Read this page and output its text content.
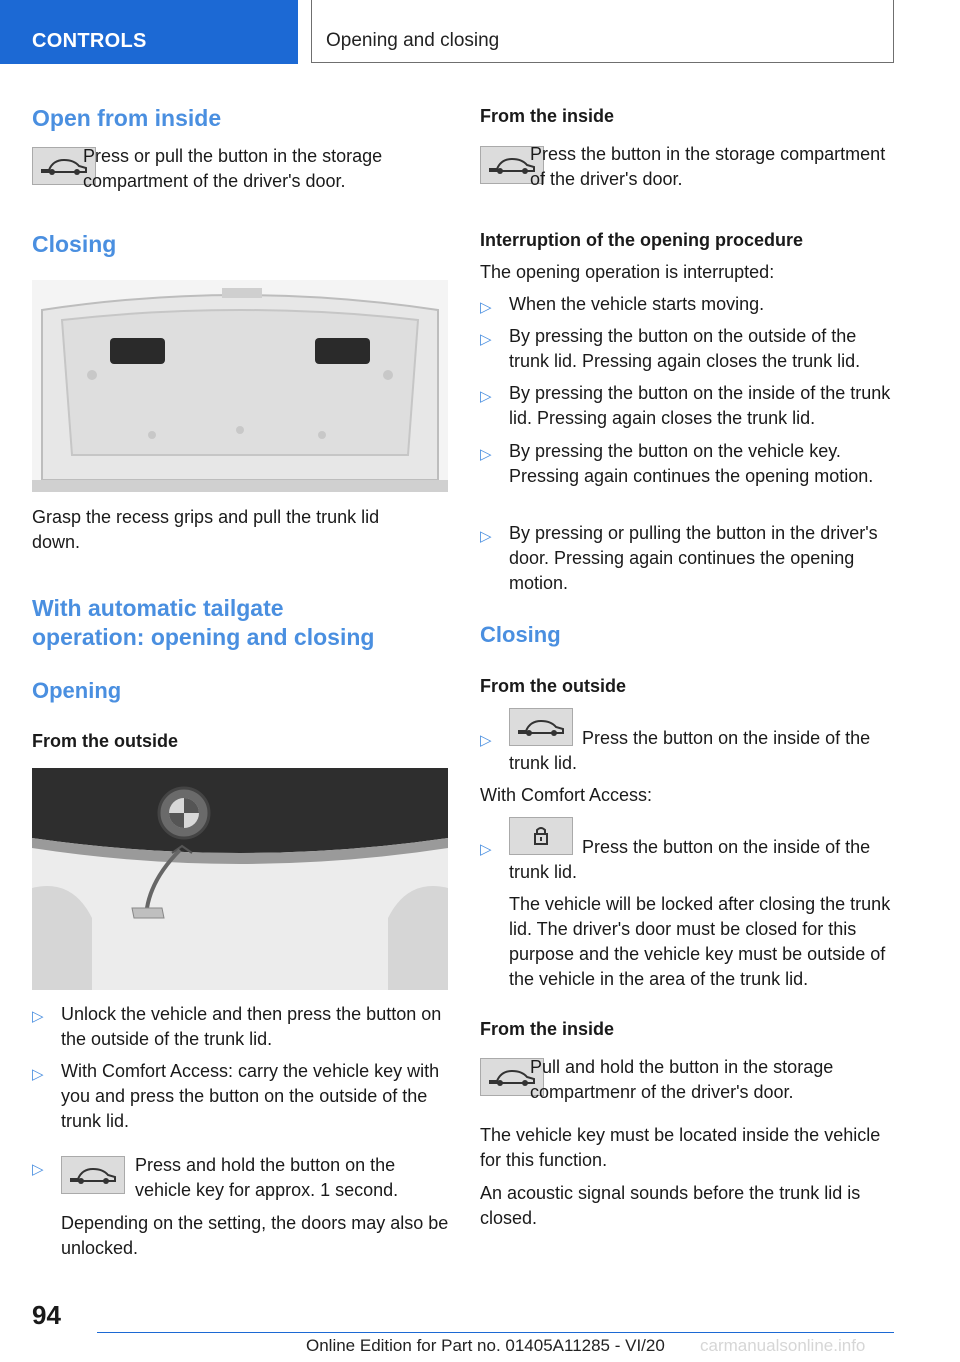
CONTROLS	Opening and closing
Open from inside

Press or pull the button in the storage compartment of the driver's door.

Closing

Grasp the recess grips and pull the trunk lid down.

With automatic tailgate
operation: opening and closing
Opening
From the outside
▷ Unlock the vehicle and then press the button on the outside of the trunk lid.

▷ With Comfort Access: carry the vehicle key with you and press the button on the outside of the trunk lid.

▷	Press and hold the button on the vehicle key for approx. 1 second.

Depending on the setting, the doors may also be unlocked.

From the inside

Press the button in the storage compartment of the driver's door.

Interruption of the opening procedure

The opening operation is interrupted:

▷ When the vehicle starts moving.

▷ By pressing the button on the outside of the trunk lid. Pressing again closes the trunk lid.

▷ By pressing the button on the inside of the trunk lid. Pressing again closes the trunk lid.

▷ By pressing the button on the vehicle key. Pressing again continues the opening motion.

▷ By pressing or pulling the button in the driver's door. Pressing again continues the opening motion.

Closing
From the outside
▷	Press the button on the inside of the trunk lid.

With Comfort Access:

▷	Press the button on the inside of the trunk lid.

The vehicle will be locked after closing the trunk lid. The driver's door must be closed for this purpose and the vehicle key must be outside of the vehicle in the area of the trunk lid.

From the inside

Pull and hold the button in the storage compartmenr of the driver's door.

The vehicle key must be located inside the vehicle for this function.

An acoustic signal sounds before the trunk lid is closed.

94
Online Edition for Part no. 01405A11285 - VI/20 carmanualsonline.info
